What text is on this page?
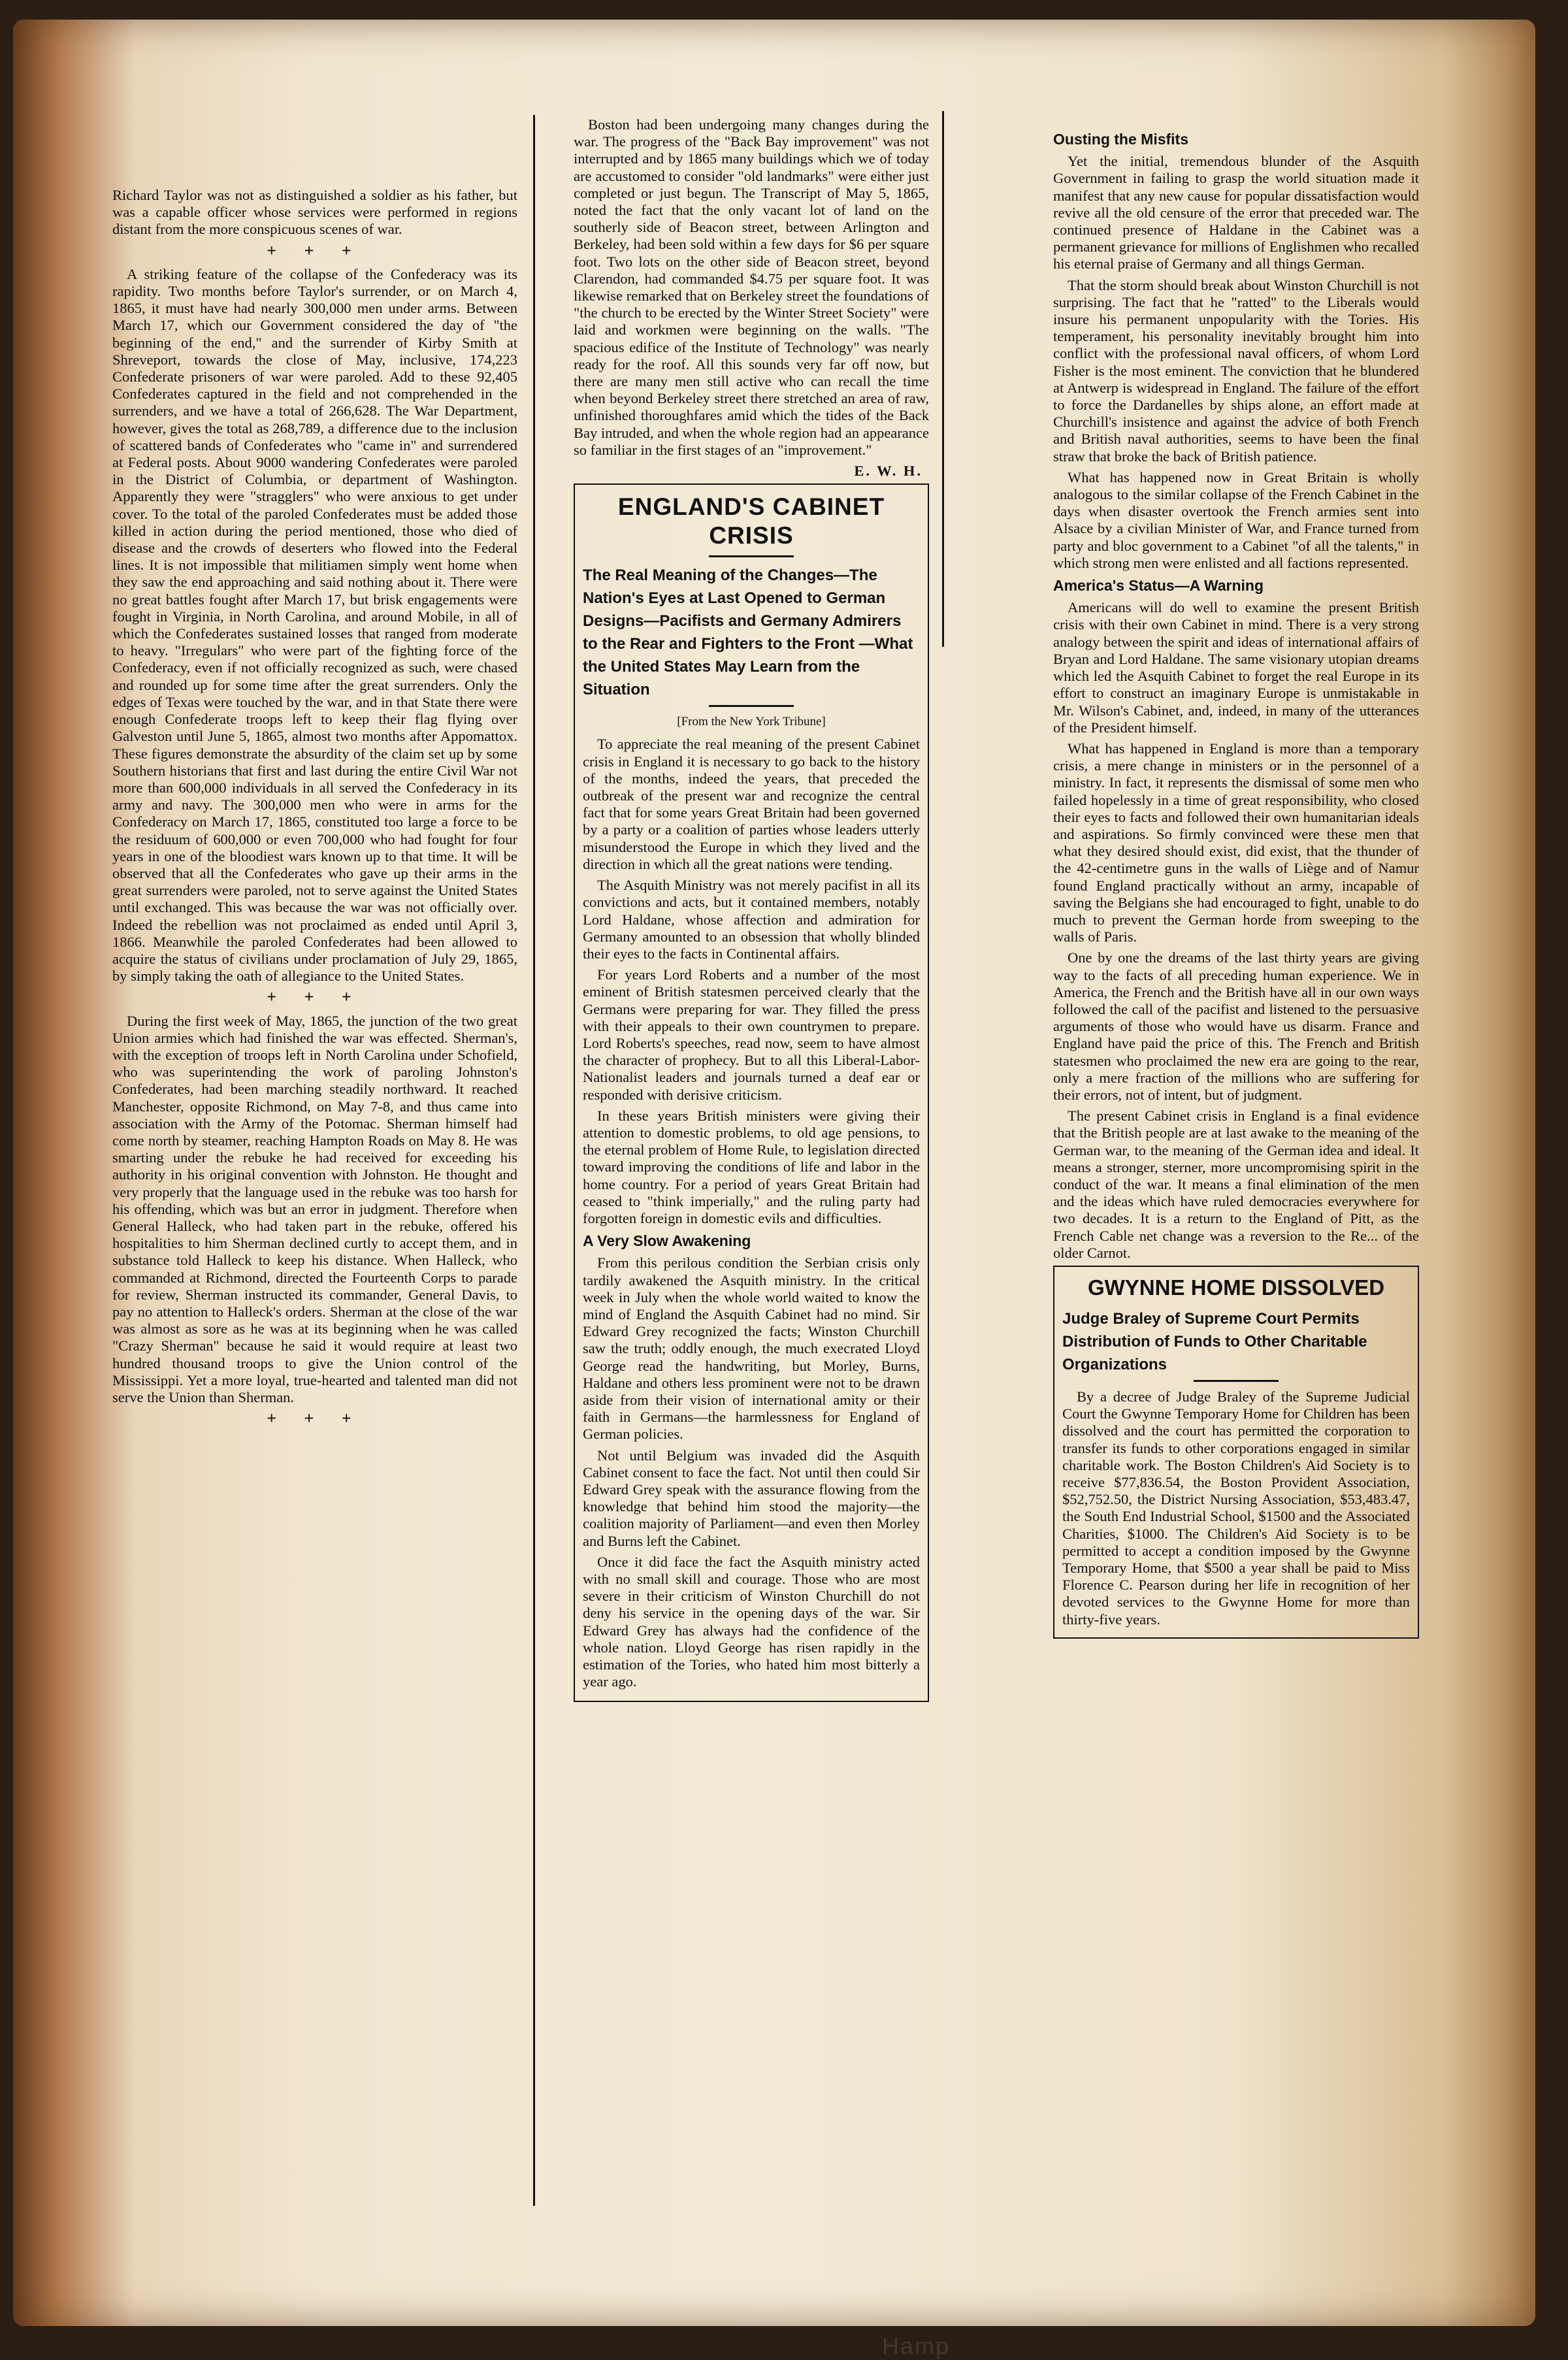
Richard Taylor was not as distinguished a soldier as his father, but was a capable officer whose services were performed in regions distant from the more conspicuous scenes of war.

+ + +

A striking feature of the collapse of the Confederacy was its rapidity. Two months before Taylor's surrender, or on March 4, 1865, it must have had nearly 300,000 men under arms. Between March 17, which our Government considered the day of "the beginning of the end," and the surrender of Kirby Smith at Shreveport, towards the close of May, inclusive, 174,223 Confederate prisoners of war were paroled. Add to these 92,405 Confederates captured in the field and not comprehended in the surrenders, and we have a total of 266,628. The War Department, however, gives the total as 268,789, a difference due to the inclusion of scattered bands of Confederates who "came in" and surrendered at Federal posts. About 9000 wandering Confederates were paroled in the District of Columbia, or department of Washington. Apparently they were "stragglers" who were anxious to get under cover. To the total of the paroled Confederates must be added those killed in action during the period mentioned, those who died of disease and the crowds of deserters who flowed into the Federal lines. It is not impossible that militiamen simply went home when they saw the end approaching and said nothing about it. There were no great battles fought after March 17, but brisk engagements were fought in Virginia, in North Carolina, and around Mobile, in all of which the Confederates sustained losses that ranged from moderate to heavy. "Irregulars" who were part of the fighting force of the Confederacy, even if not officially recognized as such, were chased and rounded up for some time after the great surrenders. Only the edges of Texas were touched by the war, and in that State there were enough Confederate troops left to keep their flag flying over Galveston until June 5, 1865, almost two months after Appomattox. These figures demonstrate the absurdity of the claim set up by some Southern historians that first and last during the entire Civil War not more than 600,000 individuals in all served the Confederacy in its army and navy. The 300,000 men who were in arms for the Confederacy on March 17, 1865, constituted too large a force to be the residuum of 600,000 or even 700,000 who had fought for four years in one of the bloodiest wars known up to that time. It will be observed that all the Confederates who gave up their arms in the great surrenders were paroled, not to serve against the United States until exchanged. This was because the war was not officially over. Indeed the rebellion was not proclaimed as ended until April 3, 1866. Meanwhile the paroled Confederates had been allowed to acquire the status of civilians under proclamation of July 29, 1865, by simply taking the oath of allegiance to the United States.

+ + +

During the first week of May, 1865, the junction of the two great Union armies which had finished the war was effected. Sherman's, with the exception of troops left in North Carolina under Schofield, who was superintending the work of paroling Johnston's Confederates, had been marching steadily northward. It reached Manchester, opposite Richmond, on May 7-8, and thus came into association with the Army of the Potomac. Sherman himself had come north by steamer, reaching Hampton Roads on May 8. He was smarting under the rebuke he had received for exceeding his authority in his original convention with Johnston. He thought and very properly that the language used in the rebuke was too harsh for his offending, which was but an error in judgment. Therefore when General Halleck, who had taken part in the rebuke, offered his hospitalities to him Sherman declined curtly to accept them, and in substance told Halleck to keep his distance. When Halleck, who commanded at Richmond, directed the Fourteenth Corps to parade for review, Sherman instructed its commander, General Davis, to pay no attention to Halleck's orders. Sherman at the close of the war was almost as sore as he was at its beginning when he was called "Crazy Sherman" because he said it would require at least two hundred thousand troops to give the Union control of the Mississippi. Yet a more loyal, true-hearted and talented man did not serve the Union than Sherman.

+ + +

Boston had been undergoing many changes during the war. The progress of the "Back Bay improvement" was not interrupted and by 1865 many buildings which we of today are accustomed to consider "old landmarks" were either just completed or just begun. The Transcript of May 5, 1865, noted the fact that the only vacant lot of land on the southerly side of Beacon street, between Arlington and Berkeley, had been sold within a few days for $6 per square foot. Two lots on the other side of Beacon street, beyond Clarendon, had commanded $4.75 per square foot. It was likewise remarked that on Berkeley street the foundations of "the church to be erected by the Winter Street Society" were laid and workmen were beginning on the walls. "The spacious edifice of the Institute of Technology" was nearly ready for the roof. All this sounds very far off now, but there are many men still active who can recall the time when beyond Berkeley street there stretched an area of raw, unfinished thoroughfares amid which the tides of the Back Bay intruded, and when the whole region had an appearance so familiar in the first stages of an "improvement."

E. W. H.
ENGLAND'S CABINET CRISIS
The Real Meaning of the Changes—The Nation's Eyes at Last Opened to German Designs—Pacifists and Germany Admirers to the Rear and Fighters to the Front —What the United States May Learn from the Situation
[From the New York Tribune]

To appreciate the real meaning of the present Cabinet crisis in England it is necessary to go back to the history of the months, indeed the years, that preceded the outbreak of the present war and recognize the central fact that for some years Great Britain had been governed by a party or a coalition of parties whose leaders utterly misunderstood the Europe in which they lived and the direction in which all the great nations were tending.

The Asquith Ministry was not merely pacifist in all its convictions and acts, but it contained members, notably Lord Haldane, whose affection and admiration for Germany amounted to an obsession that wholly blinded their eyes to the facts in Continental affairs.

For years Lord Roberts and a number of the most eminent of British statesmen perceived clearly that the Germans were preparing for war. They filled the press with their appeals to their own countrymen to prepare. Lord Roberts's speeches, read now, seem to have almost the character of prophecy. But to all this Liberal-Labor-Nationalist leaders and journals turned a deaf ear or responded with derisive criticism.

In these years British ministers were giving their attention to domestic problems, to old age pensions, to the eternal problem of Home Rule, to legislation directed toward improving the conditions of life and labor in the home country. For a period of years Great Britain had ceased to "think imperially," and the ruling party had forgotten foreign in domestic evils and difficulties.

A Very Slow Awakening

From this perilous condition the Serbian crisis only tardily awakened the Asquith ministry. In the critical week in July when the whole world waited to know the mind of England the Asquith Cabinet had no mind. Sir Edward Grey recognized the facts; Winston Churchill saw the truth; oddly enough, the much execrated Lloyd George read the handwriting, but Morley, Burns, Haldane and others less prominent were not to be drawn aside from their vision of international amity or their faith in Germans—the harmlessness for England of German policies.

Not until Belgium was invaded did the Asquith Cabinet consent to face the fact. Not until then could Sir Edward Grey speak with the assurance flowing from the knowledge that behind him stood the majority—the coalition majority of Parliament—and even then Morley and Burns left the Cabinet.

Once it did face the fact the Asquith ministry acted with no small skill and courage. Those who are most severe in their criticism of Winston Churchill do not deny his service in the opening days of the war. Sir Edward Grey has always had the confidence of the whole nation. Lloyd George has risen rapidly in the estimation of the Tories, who hated him most bitterly a year ago.

Ousting the Misfits

Yet the initial, tremendous blunder of the Asquith Government in failing to grasp the world situation made it manifest that any new cause for popular dissatisfaction would revive all the old censure of the error that preceded war. The continued presence of Haldane in the Cabinet was a permanent grievance for millions of Englishmen who recalled his eternal praise of Germany and all things German.

That the storm should break about Winston Churchill is not surprising. The fact that he "ratted" to the Liberals would insure his permanent unpopularity with the Tories. His temperament, his personality inevitably brought him into conflict with the professional naval officers, of whom Lord Fisher is the most eminent. The conviction that he blundered at Antwerp is widespread in England. The failure of the effort to force the Dardanelles by ships alone, an effort made at Churchill's insistence and against the advice of both French and British naval authorities, seems to have been the final straw that broke the back of British patience.

What has happened now in Great Britain is wholly analogous to the similar collapse of the French Cabinet in the days when disaster overtook the French armies sent into Alsace by a civilian Minister of War, and France turned from party and bloc government to a Cabinet "of all the talents," in which strong men were enlisted and all factions represented.

America's Status—A Warning

Americans will do well to examine the present British crisis with their own Cabinet in mind. There is a very strong analogy between the spirit and ideas of international affairs of Bryan and Lord Haldane. The same visionary utopian dreams which led the Asquith Cabinet to forget the real Europe in its effort to construct an imaginary Europe is unmistakable in Mr. Wilson's Cabinet, and, indeed, in many of the utterances of the President himself.

What has happened in England is more than a temporary crisis, a mere change in ministers or in the personnel of a ministry. In fact, it represents the dismissal of some men who failed hopelessly in a time of great responsibility, who closed their eyes to facts and followed their own humanitarian ideals and aspirations. So firmly convinced were these men that what they desired should exist, did exist, that the thunder of the 42-centimetre guns in the walls of Liège and of Namur found England practically without an army, incapable of saving the Belgians she had encouraged to fight, unable to do much to prevent the German horde from sweeping to the walls of Paris.

One by one the dreams of the last thirty years are giving way to the facts of all preceding human experience. We in America, the French and the British have all in our own ways followed the call of the pacifist and listened to the persuasive arguments of those who would have us disarm. France and England have paid the price of this. The French and British statesmen who proclaimed the new era are going to the rear, only a mere fraction of the millions who are suffering for their errors, not of intent, but of judgment.

The present Cabinet crisis in England is a final evidence that the British people are at last awake to the meaning of the German war, to the meaning of the German idea and ideal. It means a stronger, sterner, more uncompromising spirit in the conduct of the war. It means a final elimination of the men and the ideas which have ruled democracies everywhere for two decades. It is a return to the England of Pitt, as the French Cable net change was a reversion to the Re... of the older Carnot.

GWYNNE HOME DISSOLVED
Judge Braley of Supreme Court Permits Distribution of Funds to Other Charitable Organizations

By a decree of Judge Braley of the Supreme Judicial Court the Gwynne Temporary Home for Children has been dissolved and the court has permitted the corporation to transfer its funds to other corporations engaged in similar charitable work. The Boston Children's Aid Society is to receive $77,836.54, the Boston Provident Association, $52,752.50, the District Nursing Association, $53,483.47, the South End Industrial School, $1500 and the Associated Charities, $1000. The Children's Aid Society is to be permitted to accept a condition imposed by the Gwynne Temporary Home, that $500 a year shall be paid to Miss Florence C. Pearson during her life in recognition of her devoted services to the Gwynne Home for more than thirty-five years.

Hamp
